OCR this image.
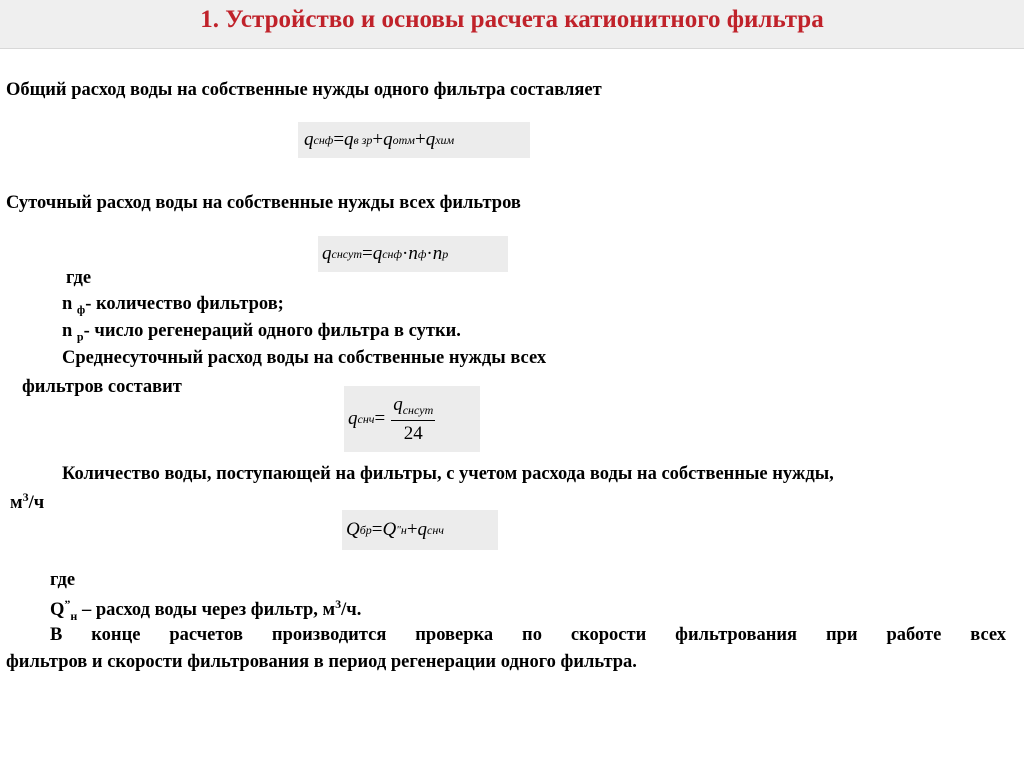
1. Устройство и основы расчета катионитного фильтра
Общий расход воды на собственные нужды одного фильтра составляет
q снф = q в зр + q отм + q хим
Суточный расход воды на собственные нужды всех фильтров
q снсут = q снф · n ф · n р
где
n $_ф$- количество фильтров;
n $_р$- число регенераций одного фильтра в сутки.
Среднесуточный расход воды на собственные нужды всех
фильтров составит
q снч = $\frac{q_{снсут}}{24}$
Количество воды, поступающей на фильтры, с учетом расхода воды на собственные нужды,
$м^3/ч$
Q бр = Q " н + q снч
где
$Q^”_н$ – расход воды через фильтр, $м^3/ч$.
В конце расчетов производится проверка по скорости фильтрования при работе всех
фильтров и скорости фильтрования в период регенерации одного фильтра.
